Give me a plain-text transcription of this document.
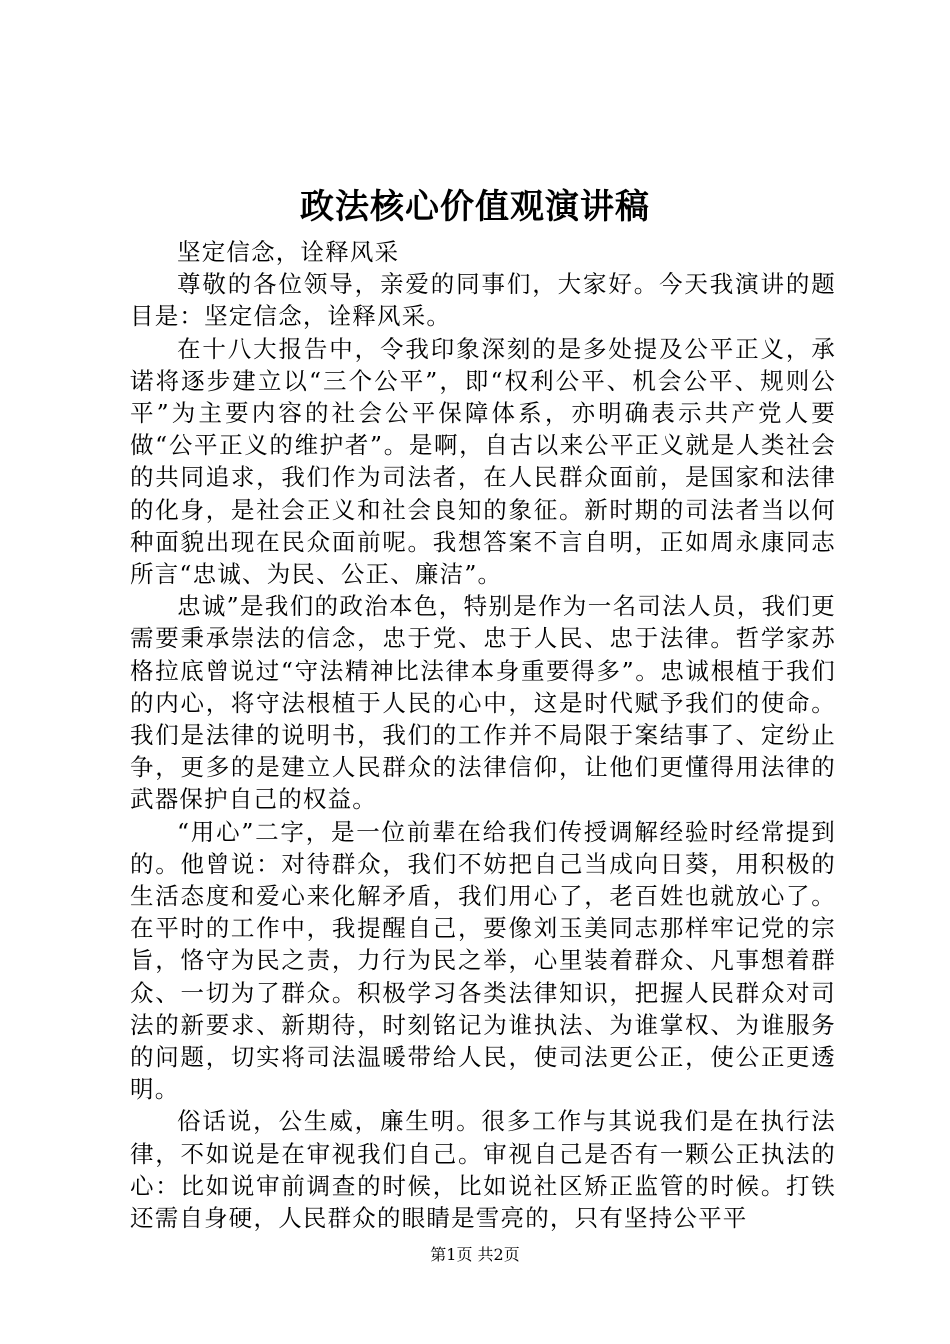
政法核心价值观演讲稿

坚定信念，诠释风采

尊敬的各位领导，亲爱的同事们，大家好。今天我演讲的题目是：坚定信念，诠释风采。

在十八大报告中，令我印象深刻的是多处提及公平正义，承诺将逐步建立以“三个公平”，即“权利公平、机会公平、规则公平”为主要内容的社会公平保障体系，亦明确表示共产党人要做“公平正义的维护者”。是啊，自古以来公平正义就是人类社会的共同追求，我们作为司法者，在人民群众面前，是国家和法律的化身，是社会正义和社会良知的象征。新时期的司法者当以何种面貌出现在民众面前呢。我想答案不言自明，正如周永康同志所言“忠诚、为民、公正、廉洁”。

忠诚”是我们的政治本色，特别是作为一名司法人员，我们更需要秉承崇法的信念，忠于党、忠于人民、忠于法律。哲学家苏格拉底曾说过“守法精神比法律本身重要得多”。忠诚根植于我们的内心，将守法根植于人民的心中，这是时代赋予我们的使命。我们是法律的说明书，我们的工作并不局限于案结事了、定纷止争，更多的是建立人民群众的法律信仰，让他们更懂得用法律的武器保护自己的权益。

“用心”二字，是一位前辈在给我们传授调解经验时经常提到的。他曾说：对待群众，我们不妨把自己当成向日葵，用积极的生活态度和爱心来化解矛盾，我们用心了，老百姓也就放心了。在平时的工作中，我提醒自己，要像刘玉美同志那样牢记党的宗旨，恪守为民之责，力行为民之举，心里装着群众、凡事想着群众、一切为了群众。积极学习各类法律知识，把握人民群众对司法的新要求、新期待，时刻铭记为谁执法、为谁掌权、为谁服务的问题，切实将司法温暖带给人民，使司法更公正，使公正更透明。

俗话说，公生威，廉生明。很多工作与其说我们是在执行法律，不如说是在审视我们自己。审视自己是否有一颗公正执法的心：比如说审前调查的时候，比如说社区矫正监管的时候。打铁还需自身硬，人民群众的眼睛是雪亮的，只有坚持公平平

第1页 共2页
